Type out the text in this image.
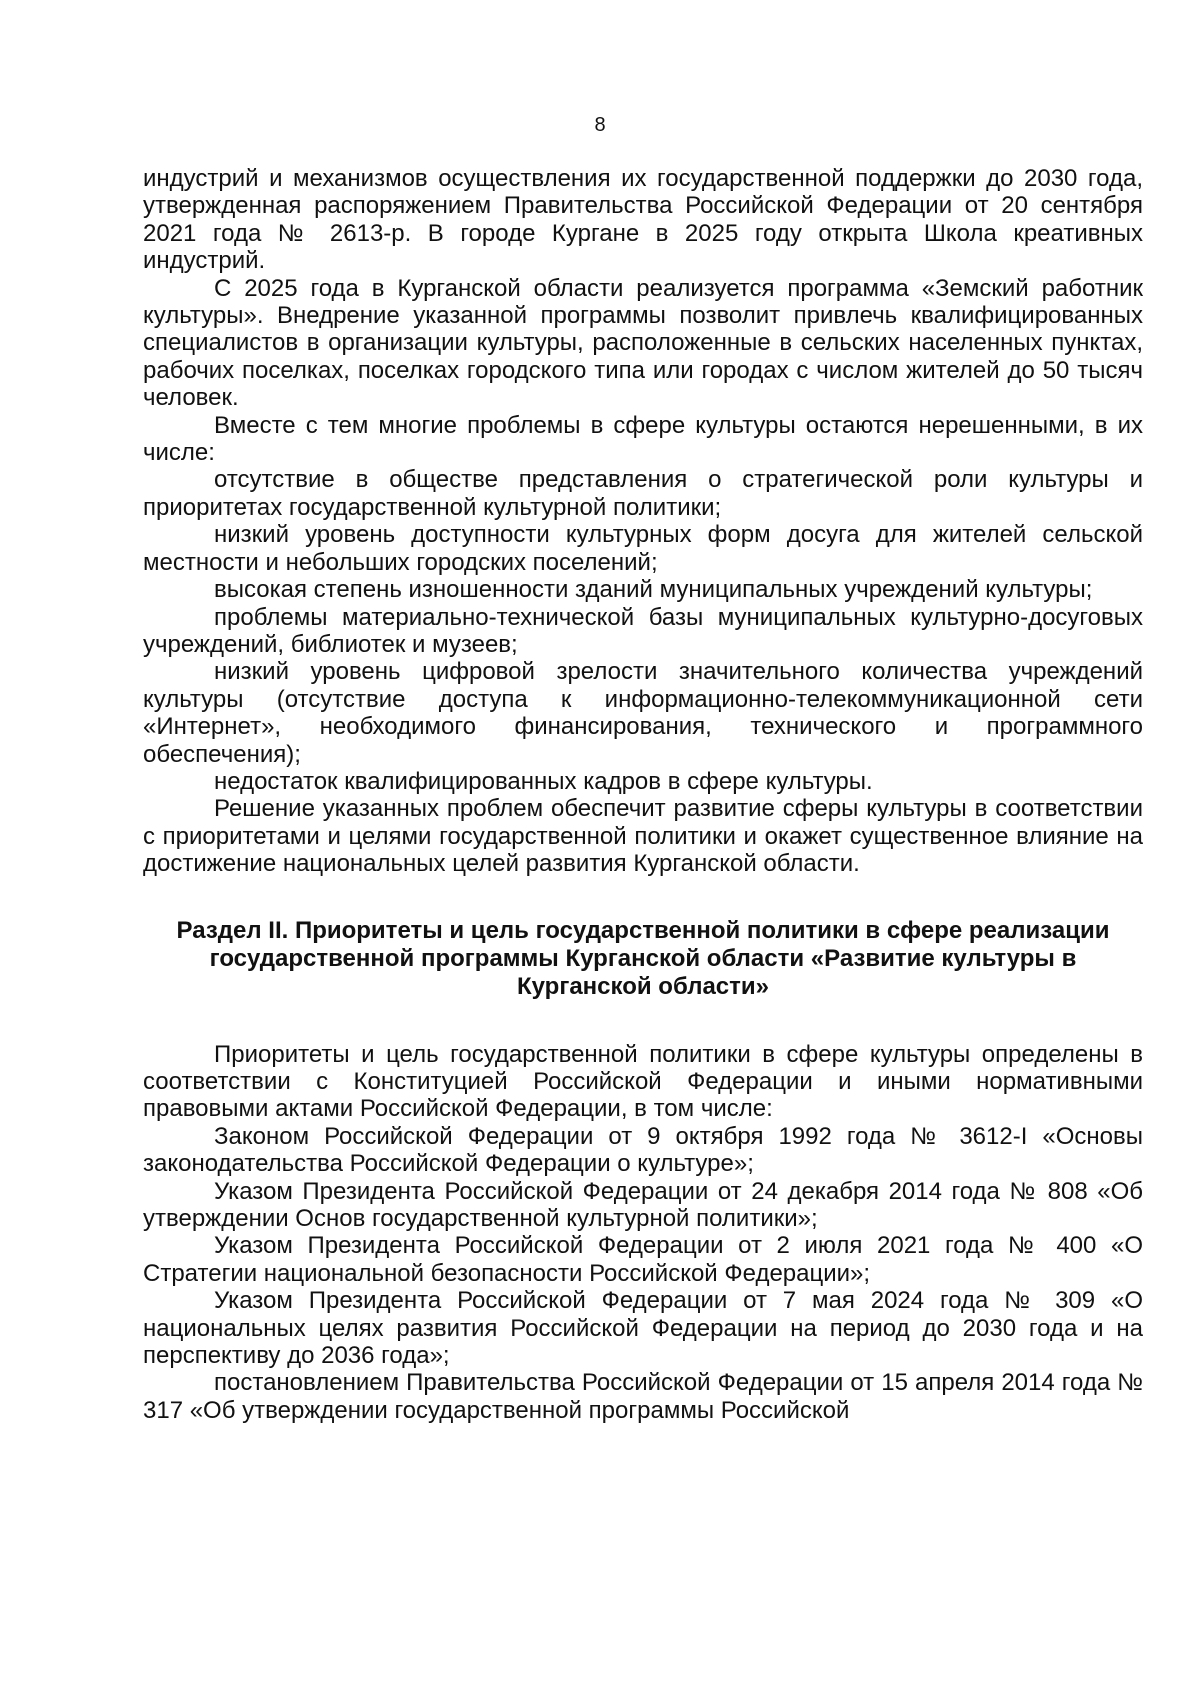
8

индустрий и механизмов осуществления их государственной поддержки до 2030 года, утвержденная распоряжением Правительства Российской Федерации от 20 сентября 2021 года № 2613-р. В городе Кургане в 2025 году открыта Школа креативных индустрий.

С 2025 года в Курганской области реализуется программа «Земский работник культуры». Внедрение указанной программы позволит привлечь квалифицированных специалистов в организации культуры, расположенные в сельских населенных пунктах, рабочих поселках, поселках городского типа или городах с числом жителей до 50 тысяч человек.

Вместе с тем многие проблемы в сфере культуры остаются нерешенными, в их числе:

отсутствие в обществе представления о стратегической роли культуры и приоритетах государственной культурной политики;

низкий уровень доступности культурных форм досуга для жителей сельской местности и небольших городских поселений;

высокая степень изношенности зданий муниципальных учреждений культуры;

проблемы материально-технической базы муниципальных культурно-досуговых учреждений, библиотек и музеев;

низкий уровень цифровой зрелости значительного количества учреждений культуры (отсутствие доступа к информационно-телекоммуникационной сети «Интернет», необходимого финансирования, технического и программного обеспечения);

недостаток квалифицированных кадров в сфере культуры.

Решение указанных проблем обеспечит развитие сферы культуры в соответствии с приоритетами и целями государственной политики и окажет существенное влияние на достижение национальных целей развития Курганской области.

Раздел II. Приоритеты и цель государственной политики в сфере реализации государственной программы Курганской области «Развитие культуры в Курганской области»

Приоритеты и цель государственной политики в сфере культуры определены в соответствии с Конституцией Российской Федерации и иными нормативными правовыми актами Российской Федерации, в том числе:

Законом Российской Федерации от 9 октября 1992 года № 3612-I «Основы законодательства Российской Федерации о культуре»;

Указом Президента Российской Федерации от 24 декабря 2014 года № 808 «Об утверждении Основ государственной культурной политики»;

Указом Президента Российской Федерации от 2 июля 2021 года № 400 «О Стратегии национальной безопасности Российской Федерации»;

Указом Президента Российской Федерации от 7 мая 2024 года № 309 «О национальных целях развития Российской Федерации на период до 2030 года и на перспективу до 2036 года»;

постановлением Правительства Российской Федерации от 15 апреля 2014 года № 317 «Об утверждении государственной программы Российской
